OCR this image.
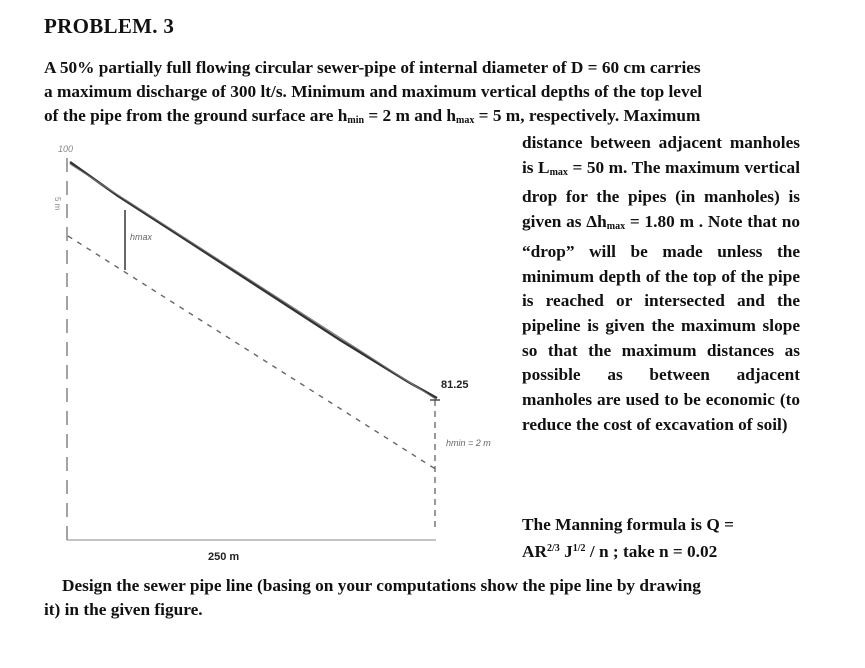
PROBLEM. 3
A 50% partially full flowing circular sewer-pipe of internal diameter of D = 60 cm carries
a maximum discharge of 300 lt/s. Minimum and maximum vertical depths of the top level
of the pipe from the ground surface are $h_{min} = 2$ m and $h_{max} = 5$ m, respectively. Maximum
distance between adjacent manholes is $L_{max} = 50$ m. The maximum vertical drop for the pipes (in manholes) is given as $\Delta h_{max} = 1.80$ m . Note that no “drop” will be made unless the minimum depth of the top of the pipe is reached or intersected and the pipeline is given the maximum slope so that the maximum distances as possible as between adjacent manholes are used to be economic (to reduce the cost of excavation of soil)
The Manning formula is Q =
$AR^{2/3}$ $J^{1/2}$ / n ; take n = 0.02
Design the sewer pipe line (basing on your computations show the pipe line by drawing
it) in the given figure.
100
81.25
250 m
hmax
hmin = 2 m
5 m
